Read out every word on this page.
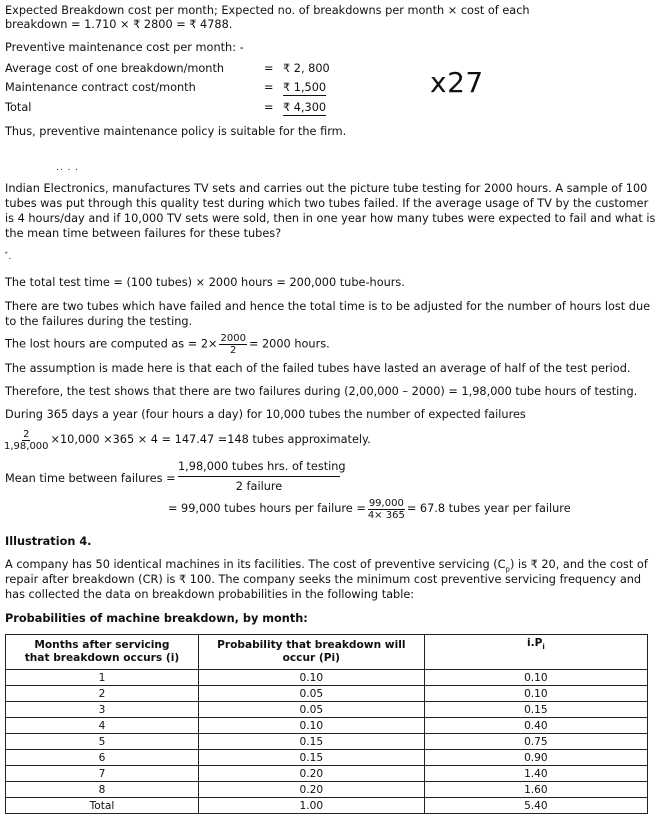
Expected Breakdown cost per month; Expected no. of breakdowns per month × cost of each
breakdown = 1.710 × ₹ 2800 = ₹ 4788.
Preventive maintenance cost per month: -
Average cost of one breakdown/month	= ₹ 2, 800
Maintenance contract cost/month	= ₹ 1,500
Total	= ₹ 4,300
x27
Thus, preventive maintenance policy is suitable for the firm.
.. . .
Indian Electronics, manufactures TV sets and carries out the picture tube testing for 2000 hours. A sample of 100
tubes was put through this quality test during which two tubes failed. If the average usage of TV by the customer
is 4 hours/day and if 10,000 TV sets were sold, then in one year how many tubes were expected to fail and what is
the mean time between failures for these tubes?
ˇ.
The total test time = (100 tubes) × 2000 hours = 200,000 tube-hours.
There are two tubes which have failed and hence the total time is to be adjusted for the number of hours lost due
to the failures during the testing.
The lost hours are computed as = $2\times \frac{2000}{2} = 2000$ hours.
The assumption is made here is that each of the failed tubes have lasted an average of half of the test period.
Therefore, the test shows that there are two failures during (2,00,000 – 2000) = 1,98,000 tube hours of testing.
During 365 days a year (four hours a day) for 10,000 tubes the number of expected failures
$\frac{2}{1,98,000} \times 10,000 \times 365 \times 4 = 147.47 =148$ tubes approximately.
Mean time between failures =
1,98,000 tubes hrs. of testing
2 failure
= 99,000 tubes hours per failure = $\frac{99,000}{4\times 365} = 67.8$ tubes year per failure
Illustration 4.
A company has 50 identical machines in its facilities. The cost of preventive servicing $(C_p)$ is ₹ 20, and the cost of
repair after breakdown (CR) is ₹ 100. The company seeks the minimum cost preventive servicing frequency and
has collected the data on breakdown probabilities in the following table:
Probabilities of machine breakdown, by month:
Months after servicing that breakdown occurs (i)	Probability that breakdown will occur (Pi)	$i.P_i$
1	0.10	0.10
2	0.05	0.10
3	0.05	0.15
4	0.10	0.40
5	0.15	0.75
6	0.15	0.90
7	0.20	1.40
8	0.20	1.60
Total	1.00	5.40
